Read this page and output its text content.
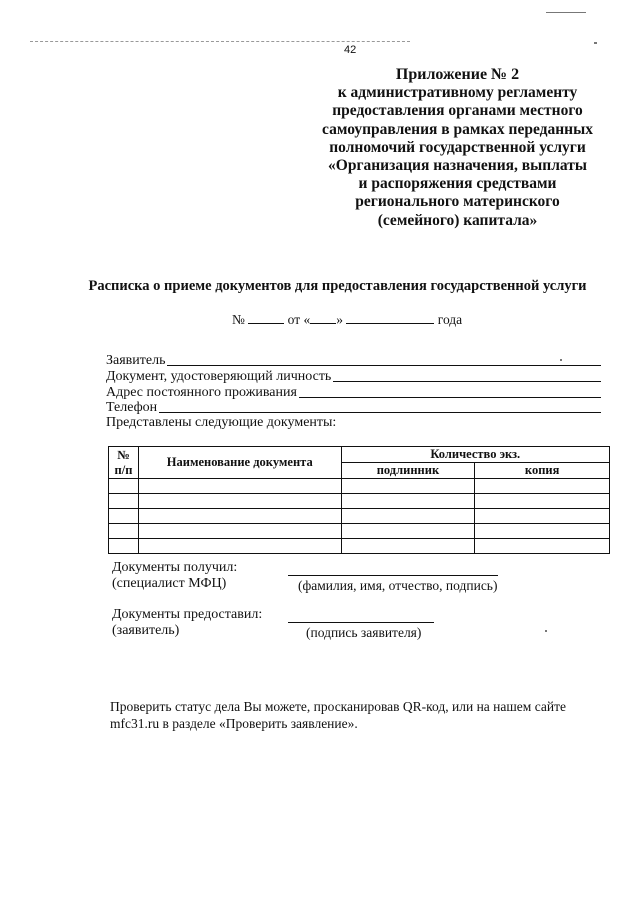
42
Приложение № 2
к административному регламенту
предоставления органами местного
самоуправления в рамках переданных
полномочий государственной услуги
«Организация назначения, выплаты
и распоряжения средствами
регионального материнского
(семейного) капитала»
Расписка о приеме документов для предоставления государственной услуги
№	от « »	года
Заявитель
Документ, удостоверяющий личность
Адрес постоянного проживания
Телефон
Представлены следующие документы:
№
п/п	Наименование документа	Количество экз.	
		подлинник	копия

Документы получил:
(специалист МФЦ)	(фамилия, имя, отчество, подпись)
Документы предоставил:
(заявитель)	(подпись заявителя)
Проверить статус дела Вы можете, просканировав QR-код, или на нашем сайте mfc31.ru в разделе «Проверить заявление».
